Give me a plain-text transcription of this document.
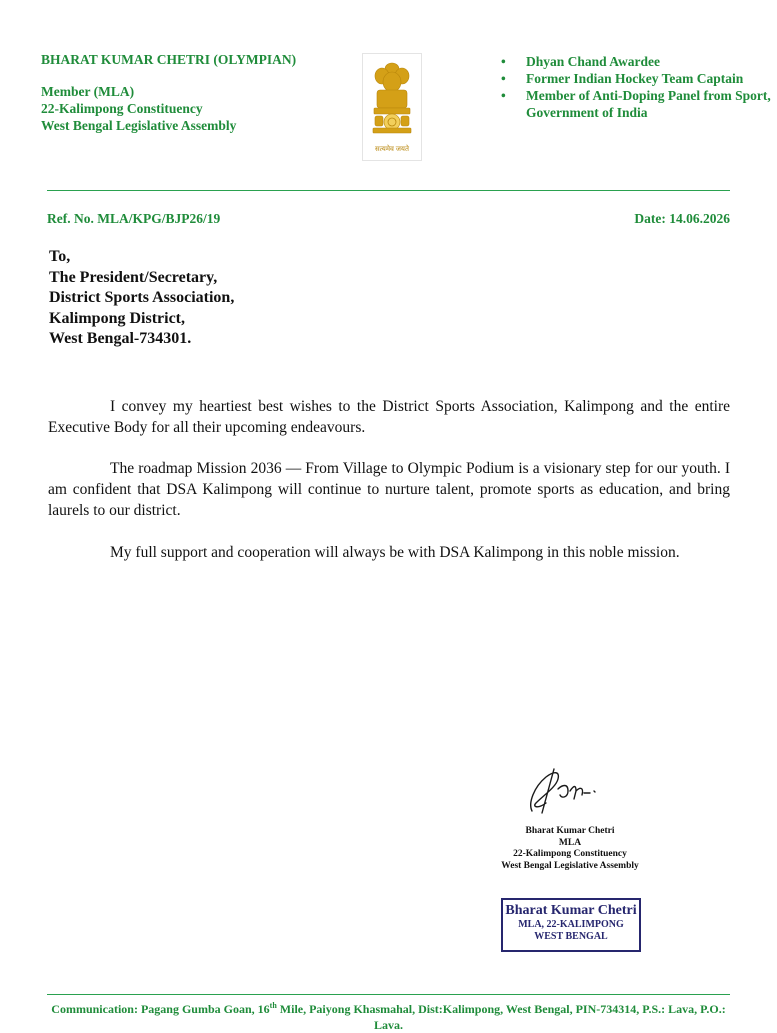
BHARAT KUMAR CHETRI (OLYMPIAN)
Member (MLA)
22-Kalimpong Constituency
West Bengal Legislative Assembly
सत्यमेव जयते
• Dhyan Chand Awardee
• Former Indian Hockey Team Captain
• Member of Anti-Doping Panel from Sport, Government of India
Ref. No. MLA/KPG/BJP26/19	Date: 14.06.2026
To,
The President/Secretary,
District Sports Association,
Kalimpong District,
West Bengal-734301.

I convey my heartiest best wishes to the District Sports Association, Kalimpong and the entire Executive Body for all their upcoming endeavours.

The roadmap Mission 2036 — From Village to Olympic Podium is a visionary step for our youth. I am confident that DSA Kalimpong will continue to nurture talent, promote sports as education, and bring laurels to our district.

My full support and cooperation will always be with DSA Kalimpong in this noble mission.

Bharat Kumar Chetri
MLA
22-Kalimpong Constituency
West Bengal Legislative Assembly
Bharat Kumar Chetri
MLA, 22-KALIMPONG
WEST BENGAL
Communication: Pagang Gumba Goan, 16th Mile, Paiyong Khasmahal, Dist:Kalimpong, West Bengal, PIN-734314, P.S.: Lava, P.O.: Lava.
